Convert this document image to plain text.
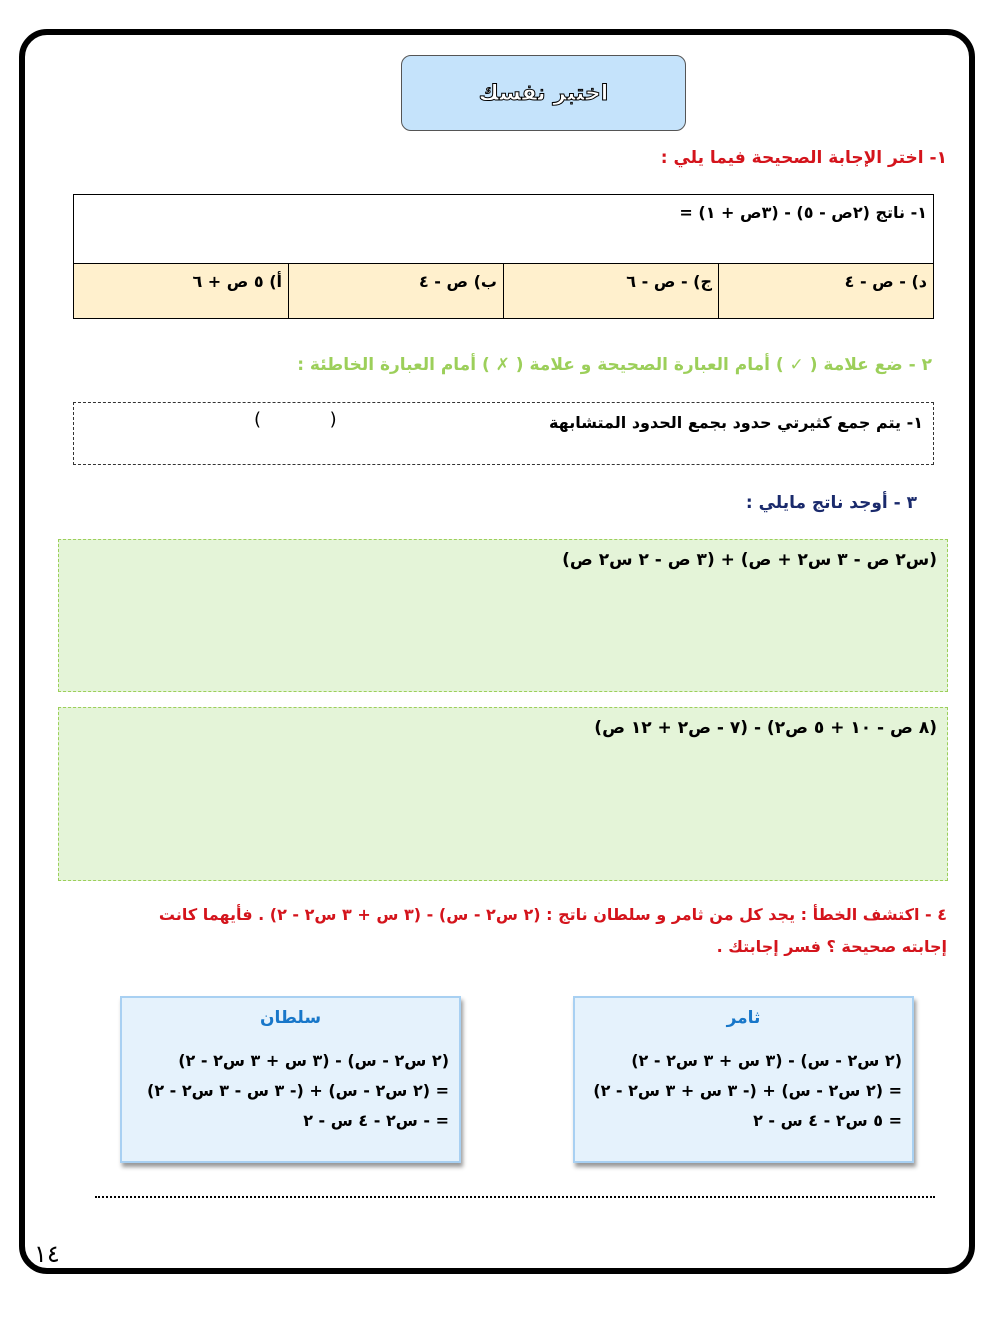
اختبر نفسك
١- اختر الإجابة الصحيحة فيما يلي :
١- ناتج (٢ص - ٥) - (٣ص + ١) =
أ) ٥ ص + ٦	ب) ص - ٤	ج) - ص - ٦	د) - ص - ٤
٢ - ضع علامة ( ✓ ) أمام العبارة الصحيحة و علامة ( ✗ ) أمام العبارة الخاطئة :
١- يتم جمع كثيرتي حدود بجمع الحدود المتشابهة
(            )
٣ - أوجد ناتج مايلي :
(س٢ ص - ٣ س٢ + ص) + (٣ ص - ٢ س٢ ص)
(٨ ص - ١٠ + ٥ ص٢) - (٧ - ص٢ + ١٢ ص)
٤ - اكتشف الخطأ : يجد كل من ثامر و سلطان ناتج : (٢ س٢ - س) - (٣ س + ٣ س٢ - ٢) . فأيهما كانت
إجابته صحيحة ؟ فسر إجابتك .
سلطان
(٢ س٢ - س) - (٣ س + ٣ س٢ - ٢)
= (٢ س٢ - س) + (- ٣ س - ٣ س٢ - ٢)
= - س٢ - ٤ س - ٢
ثامر
(٢ س٢ - س) - (٣ س + ٣ س٢ - ٢)
= (٢ س٢ - س) + (- ٣ س + ٣ س٢ - ٢)
= ٥ س٢ - ٤ س - ٢
١٤
